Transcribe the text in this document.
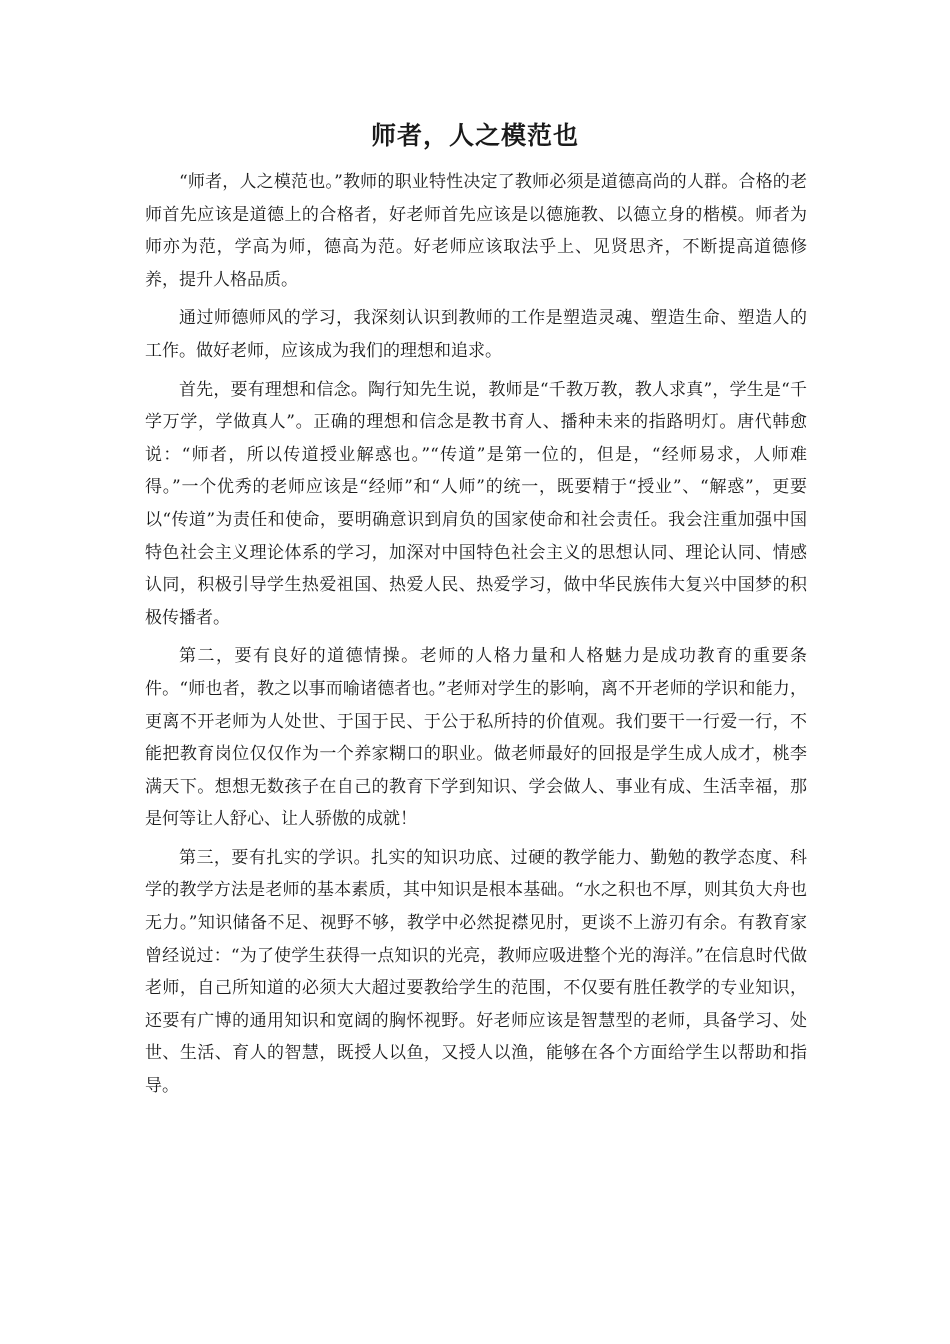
师者，人之模范也

“师者，人之模范也。”教师的职业特性决定了教师必须是道德高尚的人群。合格的老师首先应该是道德上的合格者，好老师首先应该是以德施教、以德立身的楷模。师者为师亦为范，学高为师，德高为范。好老师应该取法乎上、见贤思齐，不断提高道德修养，提升人格品质。

通过师德师风的学习，我深刻认识到教师的工作是塑造灵魂、塑造生命、塑造人的工作。做好老师，应该成为我们的理想和追求。

首先，要有理想和信念。陶行知先生说，教师是“千教万教，教人求真”，学生是“千学万学，学做真人”。正确的理想和信念是教书育人、播种未来的指路明灯。唐代韩愈说：“师者，所以传道授业解惑也。”“传道”是第一位的，但是，“经师易求，人师难得。”一个优秀的老师应该是“经师”和“人师”的统一，既要精于“授业”、“解惑”，更要以“传道”为责任和使命，要明确意识到肩负的国家使命和社会责任。我会注重加强中国特色社会主义理论体系的学习，加深对中国特色社会主义的思想认同、理论认同、情感认同，积极引导学生热爱祖国、热爱人民、热爱学习，做中华民族伟大复兴中国梦的积极传播者。

第二，要有良好的道德情操。老师的人格力量和人格魅力是成功教育的重要条件。“师也者，教之以事而喻诸德者也。”老师对学生的影响，离不开老师的学识和能力，更离不开老师为人处世、于国于民、于公于私所持的价值观。我们要干一行爱一行，不能把教育岗位仅仅作为一个养家糊口的职业。做老师最好的回报是学生成人成才，桃李满天下。想想无数孩子在自己的教育下学到知识、学会做人、事业有成、生活幸福，那是何等让人舒心、让人骄傲的成就！

第三，要有扎实的学识。扎实的知识功底、过硬的教学能力、勤勉的教学态度、科学的教学方法是老师的基本素质，其中知识是根本基础。“水之积也不厚，则其负大舟也无力。”知识储备不足、视野不够，教学中必然捉襟见肘，更谈不上游刃有余。有教育家曾经说过：“为了使学生获得一点知识的光亮，教师应吸进整个光的海洋。”在信息时代做老师，自己所知道的必须大大超过要教给学生的范围，不仅要有胜任教学的专业知识，还要有广博的通用知识和宽阔的胸怀视野。好老师应该是智慧型的老师，具备学习、处世、生活、育人的智慧，既授人以鱼，又授人以渔，能够在各个方面给学生以帮助和指导。
